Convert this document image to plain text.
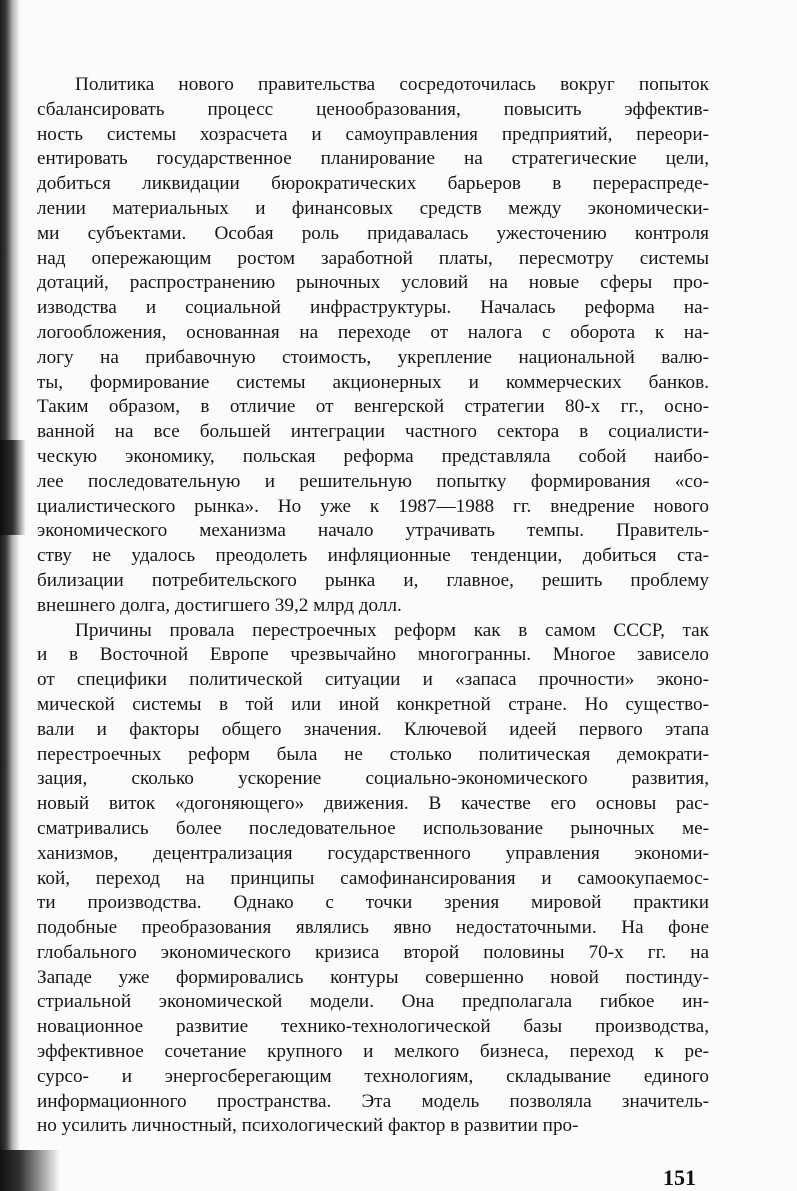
Политика нового правительства сосредоточилась вокруг попыток
сбалансировать процесс ценообразования, повысить эффектив-
ность системы хозрасчета и самоуправления предприятий, переори-
ентировать государственное планирование на стратегические цели,
добиться ликвидации бюрократических барьеров в перераспреде-
лении материальных и финансовых средств между экономически-
ми субъектами. Особая роль придавалась ужесточению контроля
над опережающим ростом заработной платы, пересмотру системы
дотаций, распространению рыночных условий на новые сферы про-
изводства и социальной инфраструктуры. Началась реформа на-
логообложения, основанная на переходе от налога с оборота к на-
логу на прибавочную стоимость, укрепление национальной валю-
ты, формирование системы акционерных и коммерческих банков.
Таким образом, в отличие от венгерской стратегии 80-х гг., осно-
ванной на все большей интеграции частного сектора в социалисти-
ческую экономику, польская реформа представляла собой наибо-
лее последовательную и решительную попытку формирования «со-
циалистического рынка». Но уже к 1987—1988 гг. внедрение нового
экономического механизма начало утрачивать темпы. Правитель-
ству не удалось преодолеть инфляционные тенденции, добиться ста-
билизации потребительского рынка и, главное, решить проблему
внешнего долга, достигшего 39,2 млрд долл.
Причины провала перестроечных реформ как в самом СССР, так
и в Восточной Европе чрезвычайно многогранны. Многое зависело
от специфики политической ситуации и «запаса прочности» эконо-
мической системы в той или иной конкретной стране. Но существо-
вали и факторы общего значения. Ключевой идеей первого этапа
перестроечных реформ была не столько политическая демократи-
зация, сколько ускорение социально-экономического развития,
новый виток «догоняющего» движения. В качестве его основы рас-
сматривались более последовательное использование рыночных ме-
ханизмов, децентрализация государственного управления экономи-
кой, переход на принципы самофинансирования и самоокупаемос-
ти производства. Однако с точки зрения мировой практики
подобные преобразования являлись явно недостаточными. На фоне
глобального экономического кризиса второй половины 70-х гг. на
Западе уже формировались контуры совершенно новой постинду-
стриальной экономической модели. Она предполагала гибкое ин-
новационное развитие технико-технологической базы производства,
эффективное сочетание крупного и мелкого бизнеса, переход к ре-
сурсо- и энергосберегающим технологиям, складывание единого
информационного пространства. Эта модель позволяла значитель-
но усилить личностный, психологический фактор в развитии про-
151
